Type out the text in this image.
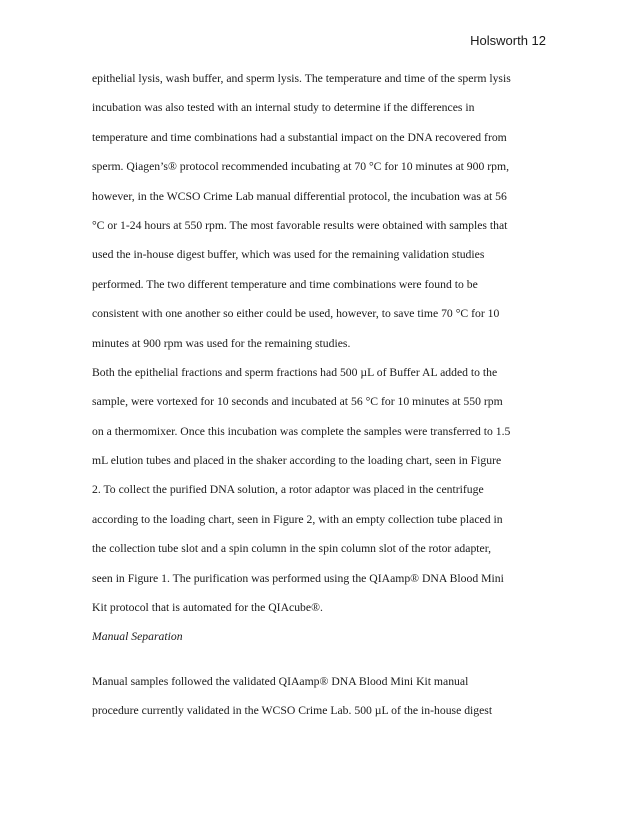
Holsworth 12
epithelial lysis, wash buffer, and sperm lysis. The temperature and time of the sperm lysis
incubation was also tested with an internal study to determine if the differences in
temperature and time combinations had a substantial impact on the DNA recovered from
sperm. Qiagen’s® protocol recommended incubating at 70 °C for 10 minutes at 900 rpm,
however, in the WCSO Crime Lab manual differential protocol, the incubation was at 56
°C or 1-24 hours at 550 rpm. The most favorable results were obtained with samples that
used the in-house digest buffer, which was used for the remaining validation studies
performed. The two different temperature and time combinations were found to be
consistent with one another so either could be used, however, to save time 70 °C for 10
minutes at 900 rpm was used for the remaining studies.
Both the epithelial fractions and sperm fractions had 500 µL of Buffer AL added to the
sample, were vortexed for 10 seconds and incubated at 56 °C for 10 minutes at 550 rpm
on a thermomixer. Once this incubation was complete the samples were transferred to 1.5
mL elution tubes and placed in the shaker according to the loading chart, seen in Figure
2. To collect the purified DNA solution, a rotor adaptor was placed in the centrifuge
according to the loading chart, seen in Figure 2, with an empty collection tube placed in
the collection tube slot and a spin column in the spin column slot of the rotor adapter,
seen in Figure 1. The purification was performed using the QIAamp® DNA Blood Mini
Kit protocol that is automated for the QIAcube®.
Manual Separation
Manual samples followed the validated QIAamp® DNA Blood Mini Kit manual
procedure currently validated in the WCSO Crime Lab. 500 µL of the in-house digest
